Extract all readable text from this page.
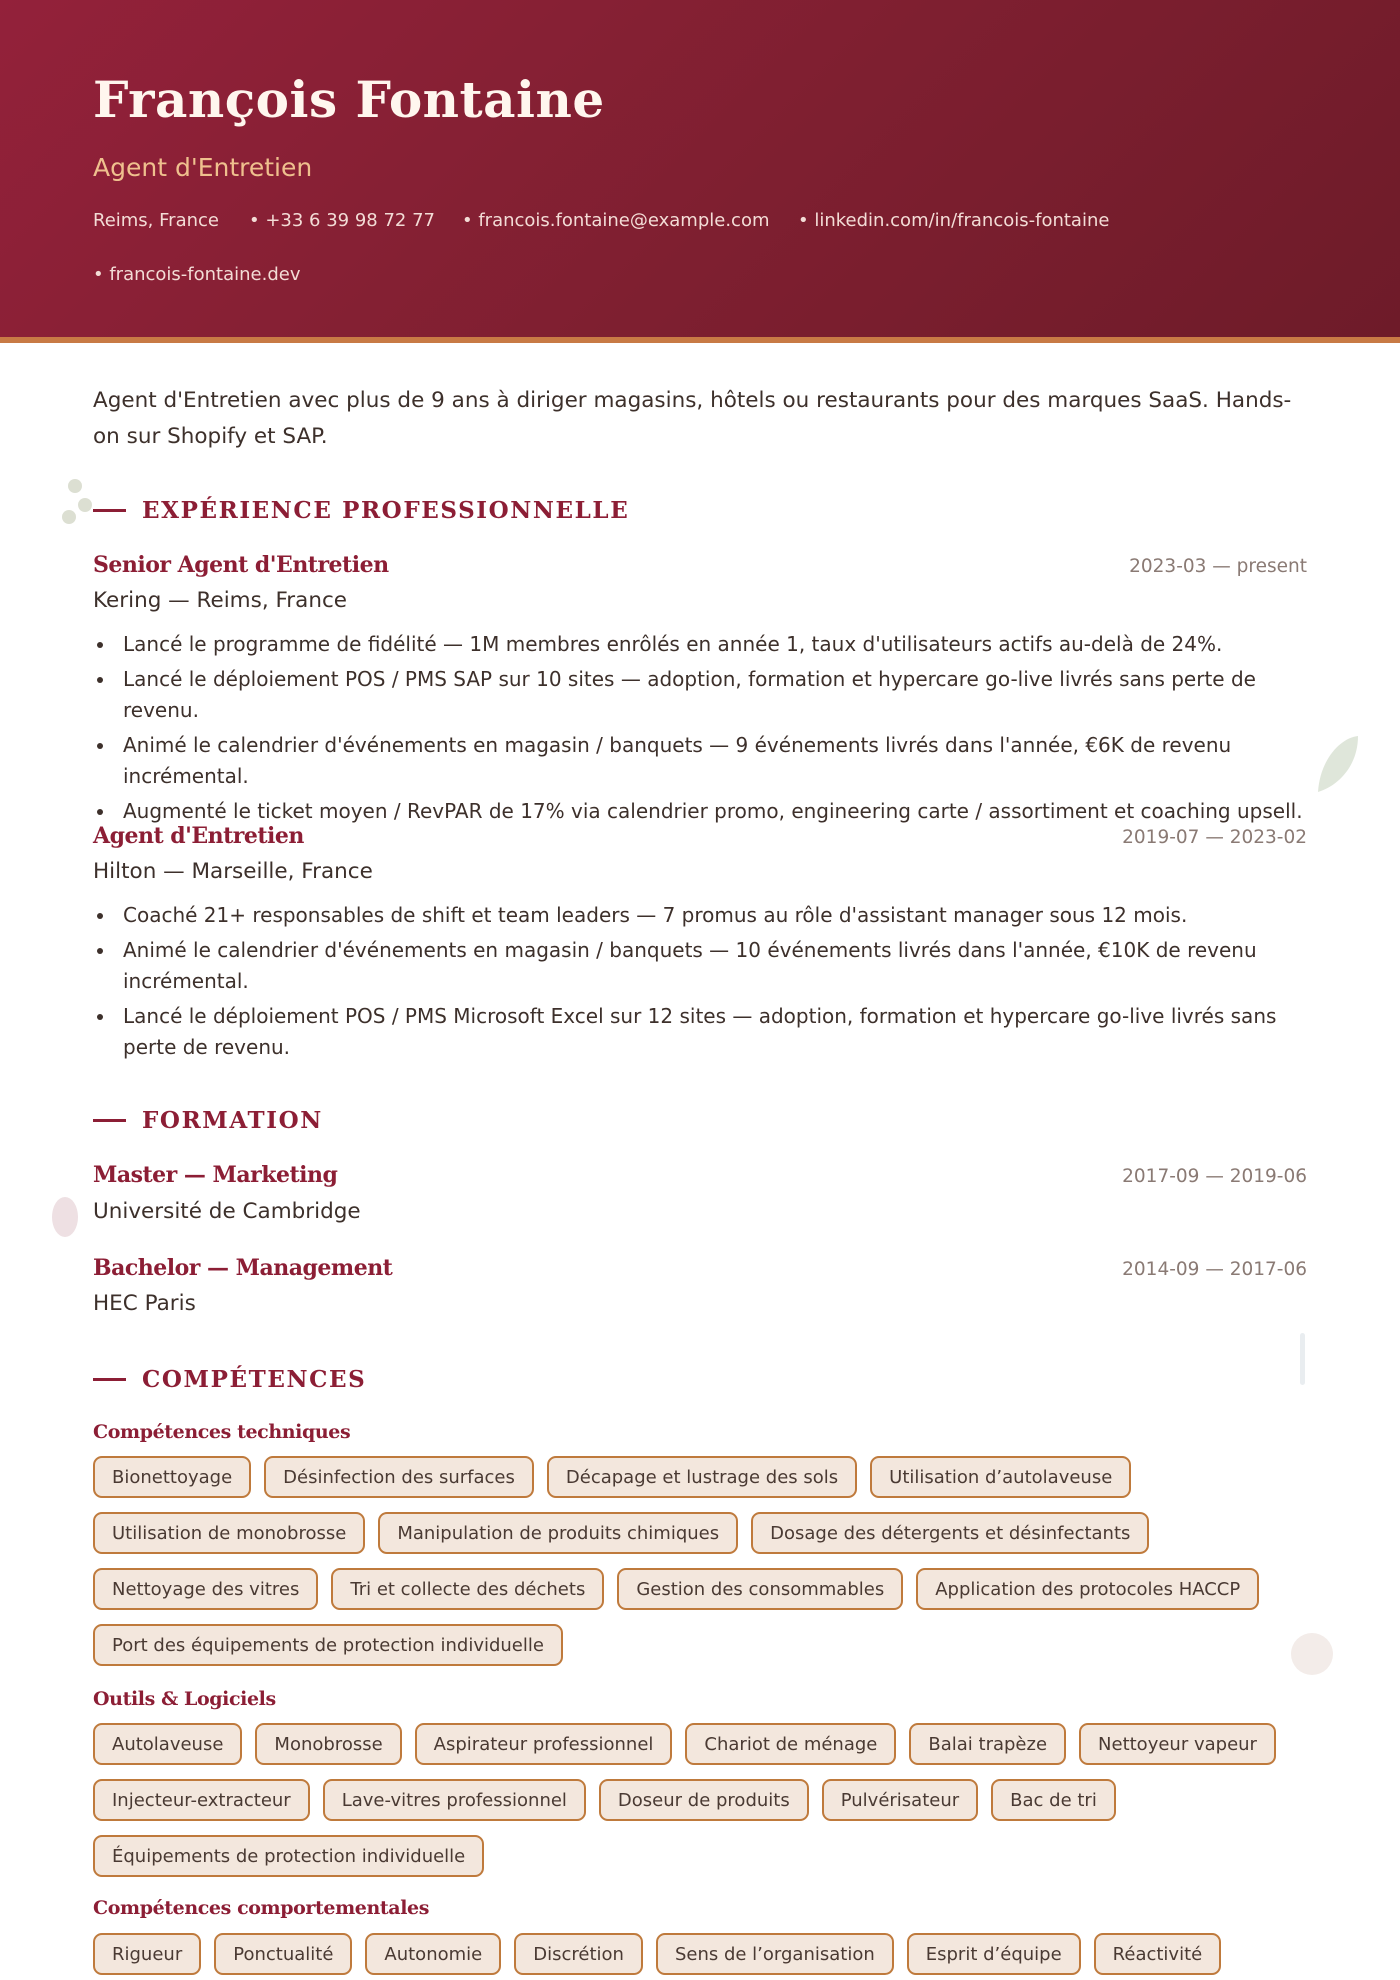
François Fontaine
Agent d'Entretien
Reims, France • +33 6 39 98 72 77 • francois.fontaine@example.com • linkedin.com/in/francois-fontaine
• francois-fontaine.dev

Agent d'Entretien avec plus de 9 ans à diriger magasins, hôtels ou restaurants pour des marques SaaS. Hands-on sur Shopify et SAP.

EXPÉRIENCE PROFESSIONNELLE
Senior Agent d'Entretien	2023-03 — present
Kering — Reims, France
Lancé le programme de fidélité — 1M membres enrôlés en année 1, taux d'utilisateurs actifs au-delà de 24%.
Lancé le déploiement POS / PMS SAP sur 10 sites — adoption, formation et hypercare go-live livrés sans perte de revenu.
Animé le calendrier d'événements en magasin / banquets — 9 événements livrés dans l'année, €6K de revenu incrémental.
Augmenté le ticket moyen / RevPAR de 17% via calendrier promo, engineering carte / assortiment et coaching upsell.
Agent d'Entretien	2019-07 — 2023-02
Hilton — Marseille, France
Coaché 21+ responsables de shift et team leaders — 7 promus au rôle d'assistant manager sous 12 mois.
Animé le calendrier d'événements en magasin / banquets — 10 événements livrés dans l'année, €10K de revenu incrémental.
Lancé le déploiement POS / PMS Microsoft Excel sur 12 sites — adoption, formation et hypercare go-live livrés sans perte de revenu.
FORMATION
Master — Marketing	2017-09 — 2019-06
Université de Cambridge
Bachelor — Management	2014-09 — 2017-06
HEC Paris
COMPÉTENCES
Compétences techniques
Bionettoyage	Désinfection des surfaces	Décapage et lustrage des sols	Utilisation d’autolaveuse
Utilisation de monobrosse	Manipulation de produits chimiques	Dosage des détergents et désinfectants
Nettoyage des vitres	Tri et collecte des déchets	Gestion des consommables	Application des protocoles HACCP
Port des équipements de protection individuelle
Outils & Logiciels
Autolaveuse	Monobrosse	Aspirateur professionnel	Chariot de ménage	Balai trapèze	Nettoyeur vapeur
Injecteur-extracteur	Lave-vitres professionnel	Doseur de produits	Pulvérisateur	Bac de tri
Équipements de protection individuelle
Compétences comportementales
Rigueur	Ponctualité	Autonomie	Discrétion	Sens de l’organisation	Esprit d’équipe	Réactivité
